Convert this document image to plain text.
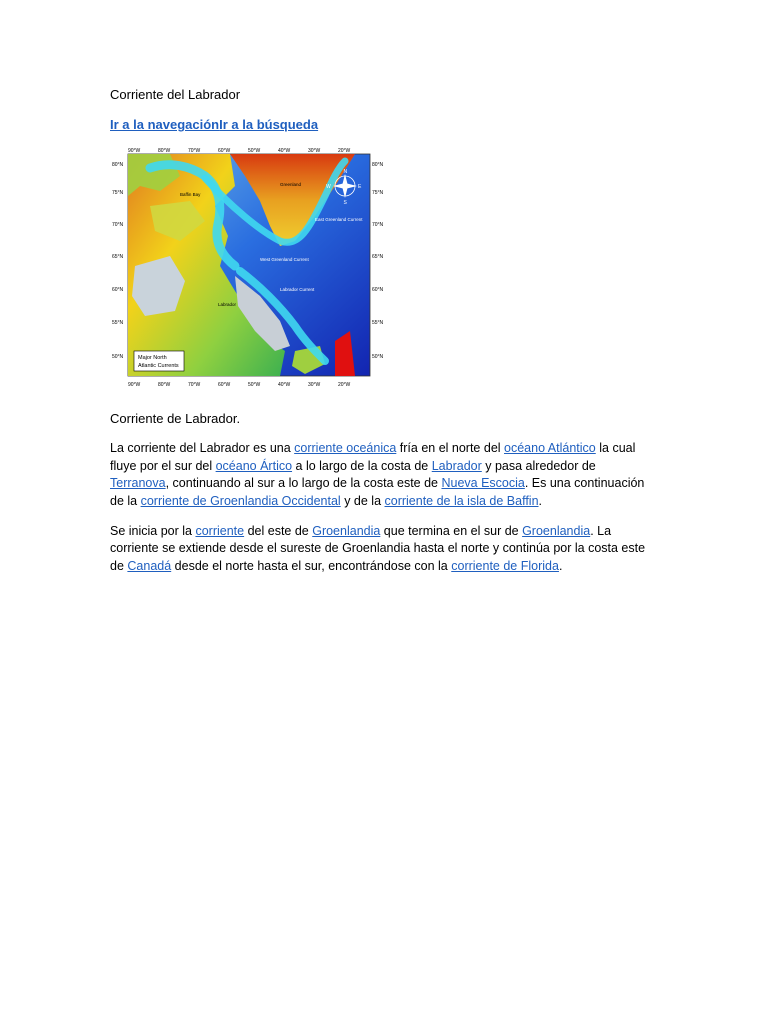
Corriente del Labrador

Ir a la navegaciónIr a la búsqueda
80°N
75°N
70°N
65°N
60°N
55°N
50°N
80°N
75°N
70°N
65°N
60°N
55°N
50°N
90°W	80°W	70°W	60°W	50°W	40°W	30°W	20°W
90°W	80°W	70°W	60°W	50°W	40°W	30°W	20°W
Greenland
Baffin Bay
Labrador
West Greenland Current
Labrador Current
East Greenland Current
N
S
E
W
Major North
Atlantic Currents
Corriente de Labrador.

La corriente del Labrador es una corriente oceánica fría en el norte del océano Atlántico la cual fluye por el sur del océano Ártico a lo largo de la costa de Labrador y pasa alrededor de Terranova, continuando al sur a lo largo de la costa este de Nueva Escocia. Es una continuación de la corriente de Groenlandia Occidental y de la corriente de la isla de Baffin.

Se inicia por la corriente del este de Groenlandia que termina en el sur de Groenlandia. La corriente se extiende desde el sureste de Groenlandia hasta el norte y continúa por la costa este de Canadá desde el norte hasta el sur, encontrándose con la corriente de Florida.
